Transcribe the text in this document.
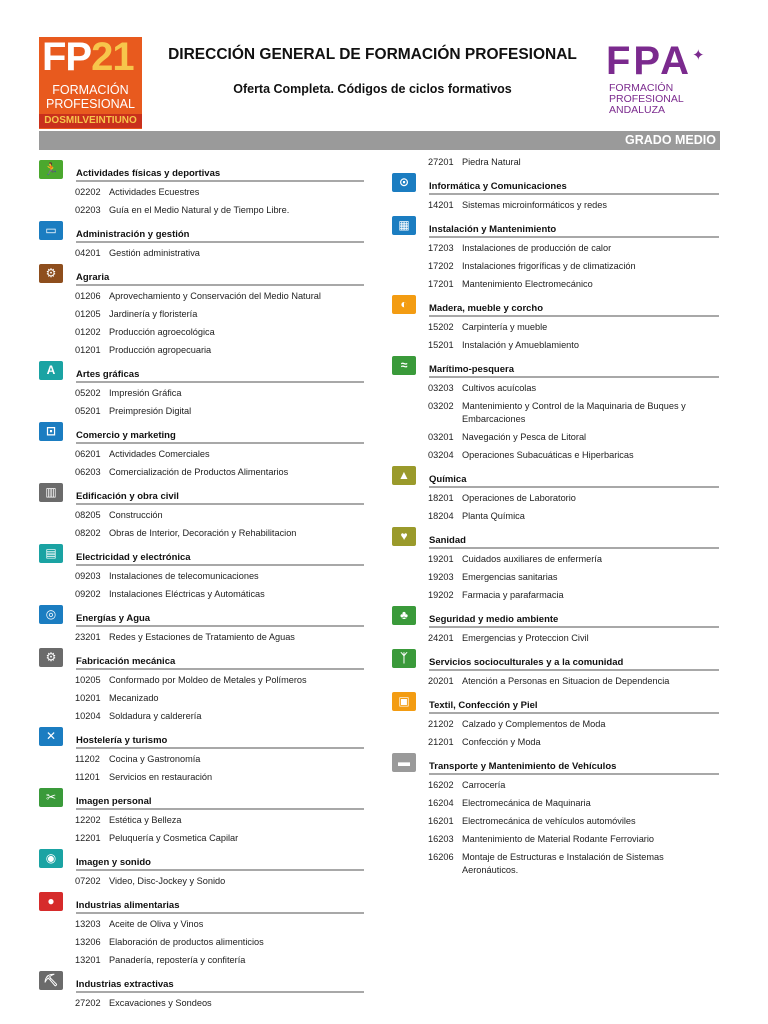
FP21
FORMACIÓN
PROFESIONAL
DOSMILVEINTIUNO
DIRECCIÓN GENERAL DE FORMACIÓN PROFESIONAL
Oferta Completa. Códigos de ciclos formativos
FPA ✦
FORMACIÓN
PROFESIONAL
ANDALUZA
GRADO MEDIO
🏃	Actividades físicas y deportivas
02202 Actividades Ecuestres
02203 Guía en el Medio Natural y de Tiempo Libre.
▭	Administración y gestión
04201 Gestión administrativa
⚙	Agraria
01206 Aprovechamiento y Conservación del Medio Natural
01205 Jardinería y floristería
01202 Producción agroecológica
01201 Producción agropecuaria
A	Artes gráficas
05202 Impresión Gráfica
05201 Preimpresión Digital
⊡	Comercio y marketing
06201 Actividades Comerciales
06203 Comercialización de Productos Alimentarios
▥	Edificación y obra civil
08205 Construcción
08202 Obras de Interior, Decoración y Rehabilitacion
▤	Electricidad y electrónica
09203 Instalaciones de telecomunicaciones
09202 Instalaciones Eléctricas y Automáticas
◎	Energías y Agua
23201 Redes y Estaciones de Tratamiento de Aguas
⚙	Fabricación mecánica
10205 Conformado por Moldeo de Metales y Polímeros
10201 Mecanizado
10204 Soldadura y calderería
✕	Hostelería y turismo
11202 Cocina y Gastronomía
11201 Servicios en restauración
✂	Imagen personal
12202 Estética y Belleza
12201 Peluquería y Cosmetica Capilar
◉	Imagen y sonido
07202 Video, Disc-Jockey y Sonido
●	Industrias alimentarias
13203 Aceite de Oliva y Vinos
13206 Elaboración de productos alimenticios
13201 Panadería, repostería y confitería
⛏	Industrias extractivas
27202 Excavaciones y Sondeos
27201 Piedra Natural
⊙	Informática y Comunicaciones
14201 Sistemas microinformáticos y redes
▦	Instalación y Mantenimiento
17203 Instalaciones de producción de calor
17202 Instalaciones frigoríficas y de climatización
17201 Mantenimiento Electromecánico
◐	Madera, mueble y corcho
15202 Carpintería y mueble
15201 Instalación y Amueblamiento
≈	Marítimo-pesquera
03203 Cultivos acuícolas
03202 Mantenimiento y Control de la Maquinaria de Buques y Embarcaciones
03201 Navegación y Pesca de Litoral
03204 Operaciones Subacuáticas e Hiperbaricas
▲	Química
18201 Operaciones de Laboratorio
18204 Planta Química
♥	Sanidad
19201 Cuidados auxiliares de enfermería
19203 Emergencias sanitarias
19202 Farmacia y parafarmacia
♣	Seguridad y medio ambiente
24201 Emergencias y Proteccion Civil
ᛉ	Servicios socioculturales y a la comunidad
20201 Atención a Personas en Situacion de Dependencia
▣	Textil, Confección y Piel
21202 Calzado y Complementos de Moda
21201 Confección y Moda
▬	Transporte y Mantenimiento de Vehículos
16202 Carrocería
16204 Electromecánica de Maquinaria
16201 Electromecánica de vehículos automóviles
16203 Mantenimiento de Material Rodante Ferroviario
16206 Montaje de Estructuras e Instalación de Sistemas Aeronáuticos.
